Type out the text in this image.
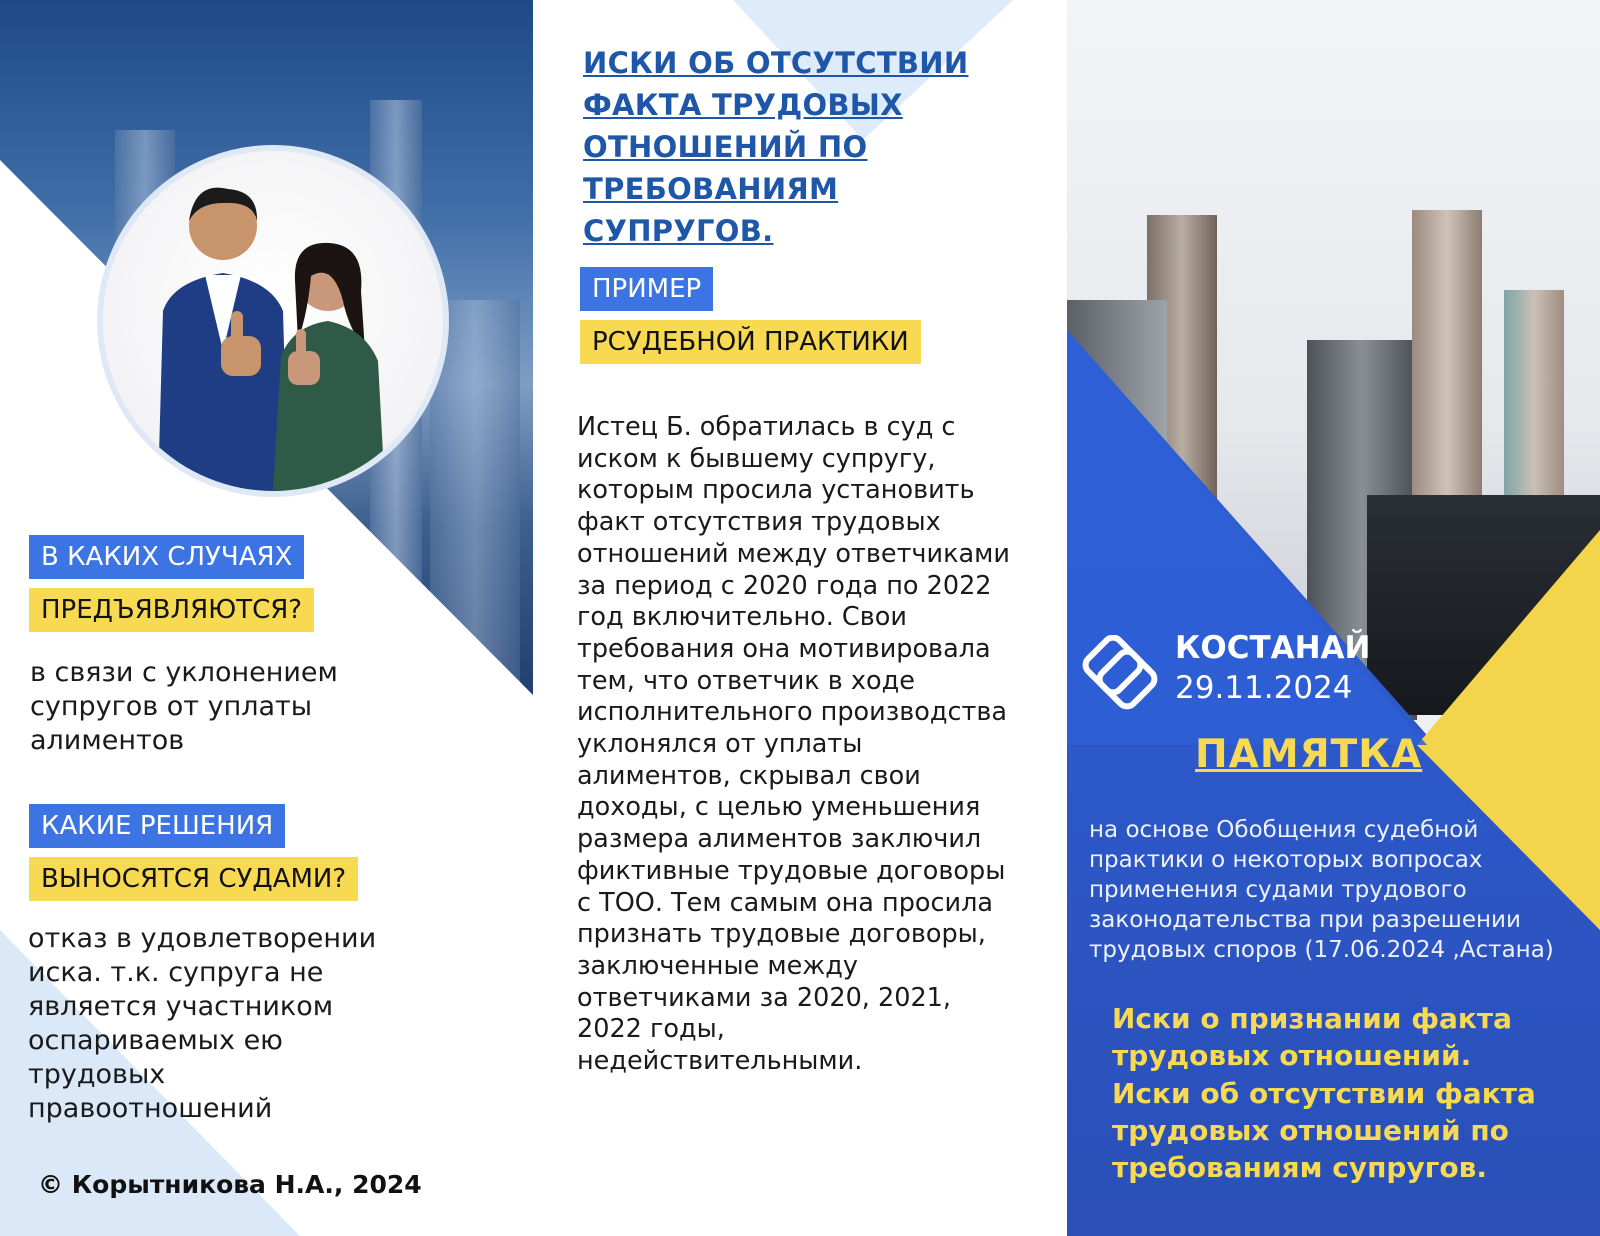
В КАКИХ СЛУЧАЯХ
ПРЕДЪЯВЛЯЮТСЯ?
в связи с уклонением супругов от уплаты алиментов
КАКИЕ РЕШЕНИЯ
ВЫНОСЯТСЯ СУДАМИ?
отказ в удовлетворении иска. т.к. супруга не является участником оспариваемых ею трудовых правоотношений
© Корытникова Н.А., 2024
ИСКИ ОБ ОТСУТСТВИИ ФАКТА ТРУДОВЫХ ОТНОШЕНИЙ ПО ТРЕБОВАНИЯМ СУПРУГОВ.
ПРИМЕР
РСУДЕБНОЙ ПРАКТИКИ
Истец Б. обратилась в суд с иском к бывшему супругу, которым просила установить факт отсутствия трудовых отношений между ответчиками за период с 2020 года по 2022 год включительно. Свои требования она мотивировала тем, что ответчик в ходе исполнительного производства уклонялся от уплаты алиментов, скрывал свои доходы, с целью уменьшения размера алиментов заключил фиктивные трудовые договоры с ТОО. Тем самым она просила признать трудовые договоры, заключенные между ответчиками за 2020, 2021, 2022 годы, недействительными.
КОСТАНАЙ
29.11.2024
ПАМЯТКА
на основе Обобщения судебной практики о некоторых вопросах применения судами трудового законодательства при разрешении трудовых споров (17.06.2024 ,Астана)
Иски о признании факта трудовых отношений.
Иски об отсутствии факта трудовых отношений по требованиям супругов.
